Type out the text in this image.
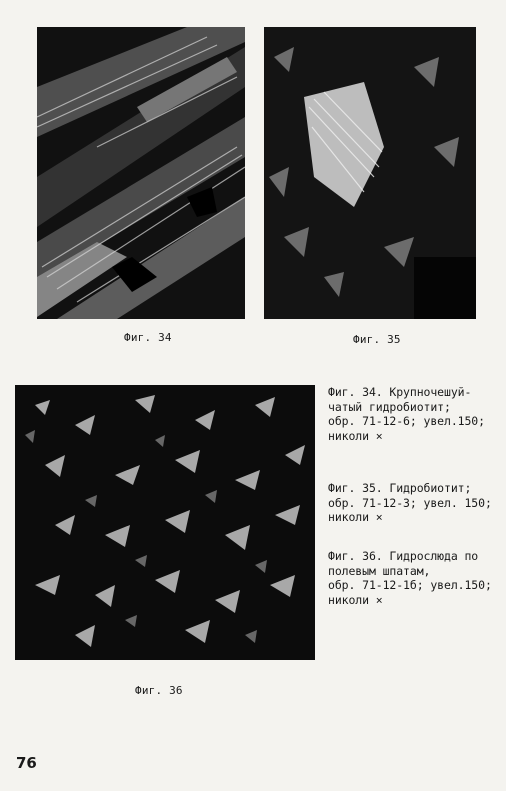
Фиг. 34	Фиг. 35
Фиг. 34. Крупночешуй-
чатый гидробиотит;
обр. 71-12-6; увел.150;
никoли ×
Фиг. 35. Гидробиотит;
обр. 71-12-3; увел. 150;
никoли ×
Фиг. 36. Гидрослюда по
полевым шпатам,
обр. 71-12-1б; увел.150;
никoли ×
Фиг. 36
76
